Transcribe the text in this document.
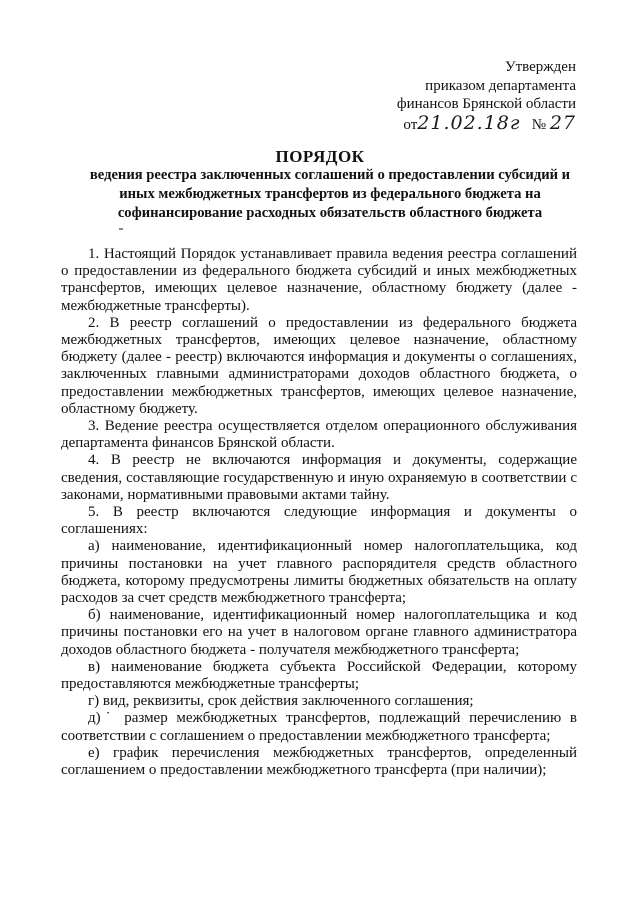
Утвержден
приказом департамента
финансов Брянской области
от21.02.18г № 27
ПОРЯДОК
ведения реестра заключенных соглашений о предоставлении субсидий и
иных межбюджетных трансфертов из федерального бюджета на
софинансирование расходных обязательств областного бюджета
1. Настоящий Порядок устанавливает правила ведения реестра соглашений
о предоставлении из федерального бюджета субсидий и иных межбюджетных
трансфертов, имеющих целевое назначение, областному бюджету (далее -
межбюджетные трансферты).
2. В реестр соглашений о предоставлении из федерального бюджета
межбюджетных трансфертов, имеющих целевое назначение, областному
бюджету (далее - реестр) включаются информация и документы о соглашениях,
заключенных главными администраторами доходов областного бюджета, о
предоставлении межбюджетных трансфертов, имеющих целевое назначение,
областному бюджету.
3. Ведение реестра осуществляется отделом операционного обслуживания
департамента финансов Брянской области.
4. В реестр не включаются информация и документы, содержащие
сведения, составляющие государственную и иную охраняемую в соответствии с
законами, нормативными правовыми актами тайну.
5. В реестр включаются следующие информация и документы о
соглашениях:
а) наименование, идентификационный номер налогоплательщика, код
причины постановки на учет главного распорядителя средств областного
бюджета, которому предусмотрены лимиты бюджетных обязательств на оплату
расходов за счет средств межбюджетного трансферта;
б) наименование, идентификационный номер налогоплательщика и код
причины постановки его на учет в налоговом органе главного администратора
доходов областного бюджета - получателя межбюджетного трансферта;
в) наименование бюджета субъекта Российской Федерации, которому
предоставляются межбюджетные трансферты;
г) вид, реквизиты, срок действия заключенного соглашения;
д)˙ размер межбюджетных трансфертов, подлежащий перечислению в
соответствии с соглашением о предоставлении межбюджетного трансферта;
е) график перечисления межбюджетных трансфертов, определенный
соглашением о предоставлении межбюджетного трансферта (при наличии);
